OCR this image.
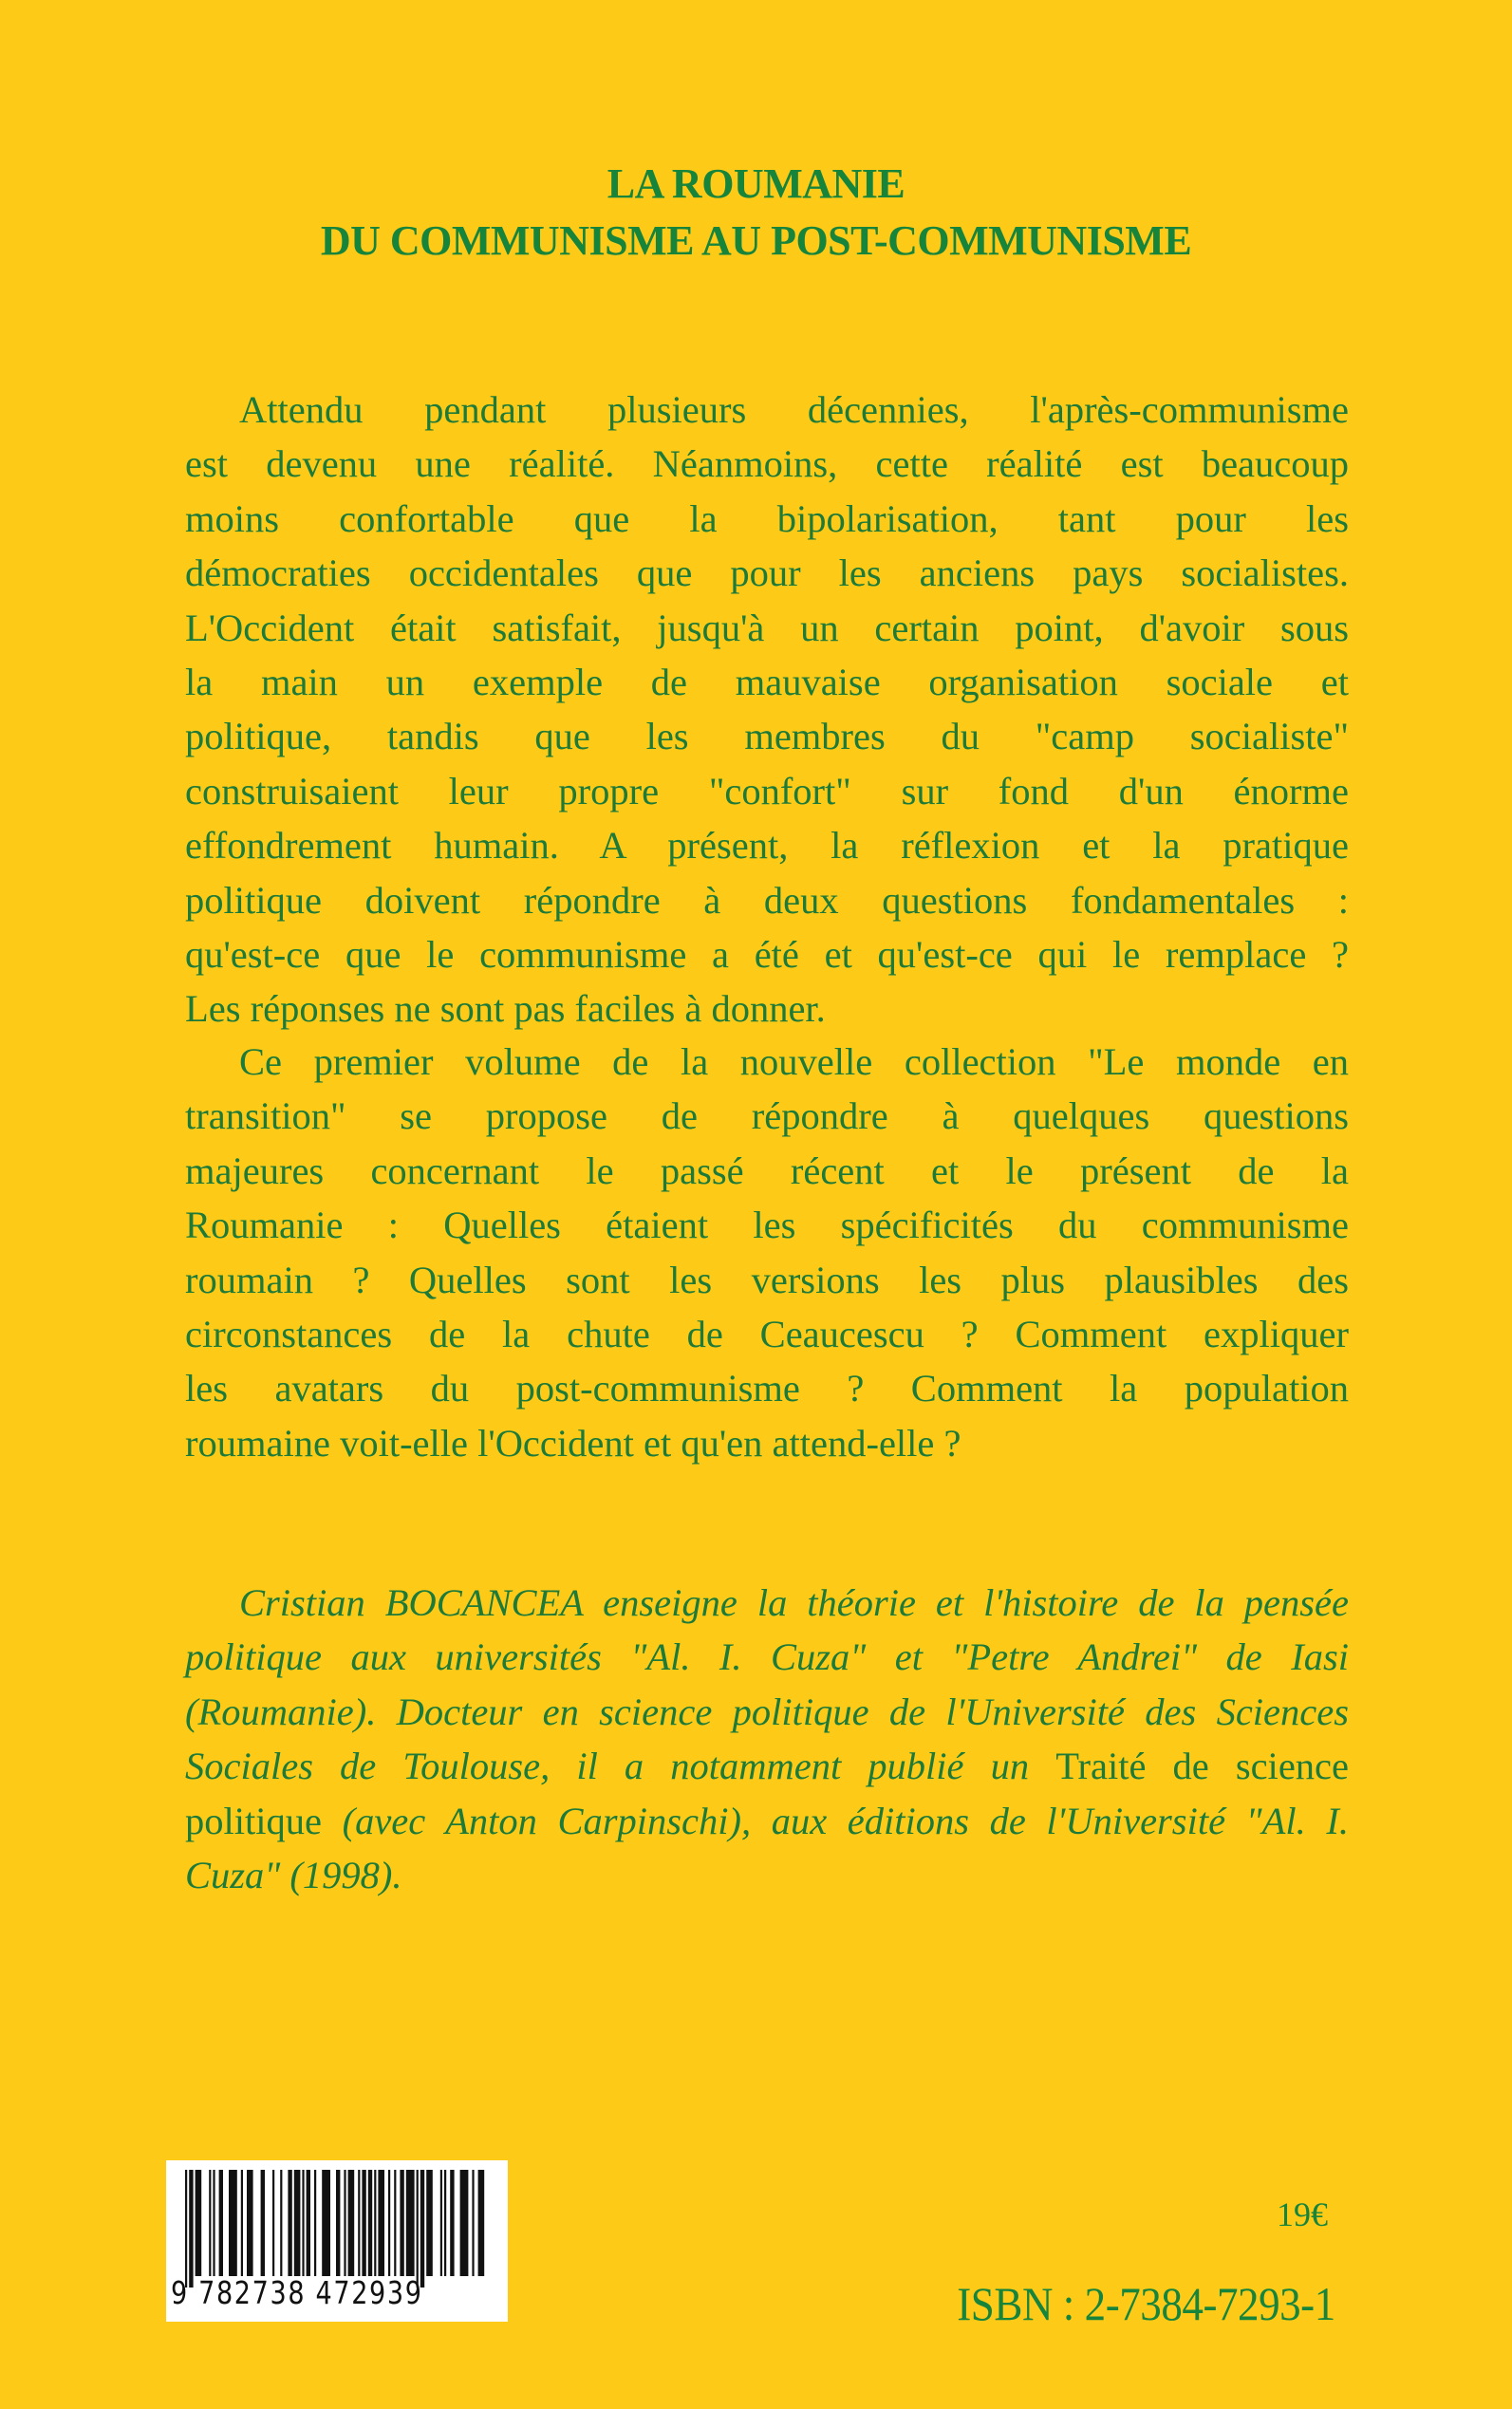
LA ROUMANIE
DU COMMUNISME AU POST-COMMUNISME
Attendu pendant plusieurs décennies, l'après-communisme
est devenu une réalité. Néanmoins, cette réalité est beaucoup
moins confortable que la bipolarisation, tant pour les
démocraties occidentales que pour les anciens pays socialistes.
L'Occident était satisfait, jusqu'à un certain point, d'avoir sous
la main un exemple de mauvaise organisation sociale et
politique, tandis que les membres du "camp socialiste"
construisaient leur propre "confort" sur fond d'un énorme
effondrement humain. A présent, la réflexion et la pratique
politique doivent répondre à deux questions fondamentales :
qu'est-ce que le communisme a été et qu'est-ce qui le remplace ?
Les réponses ne sont pas faciles à donner.
Ce premier volume de la nouvelle collection "Le monde en
transition" se propose de répondre à quelques questions
majeures concernant le passé récent et le présent de la
Roumanie : Quelles étaient les spécificités du communisme
roumain ? Quelles sont les versions les plus plausibles des
circonstances de la chute de Ceaucescu ? Comment expliquer
les avatars du post-communisme ? Comment la population
roumaine voit-elle l'Occident et qu'en attend-elle ?
Cristian BOCANCEA enseigne la théorie et l'histoire de la pensée
politique aux universités "Al. I. Cuza" et "Petre Andrei" de Iasi
(Roumanie). Docteur en science politique de l'Université des Sciences
Sociales de Toulouse, il a notamment publié un Traité de science
politique (avec Anton Carpinschi), aux éditions de l'Université "Al. I.
Cuza" (1998).
9 782738 472939
19€
ISBN : 2-7384-7293-1
